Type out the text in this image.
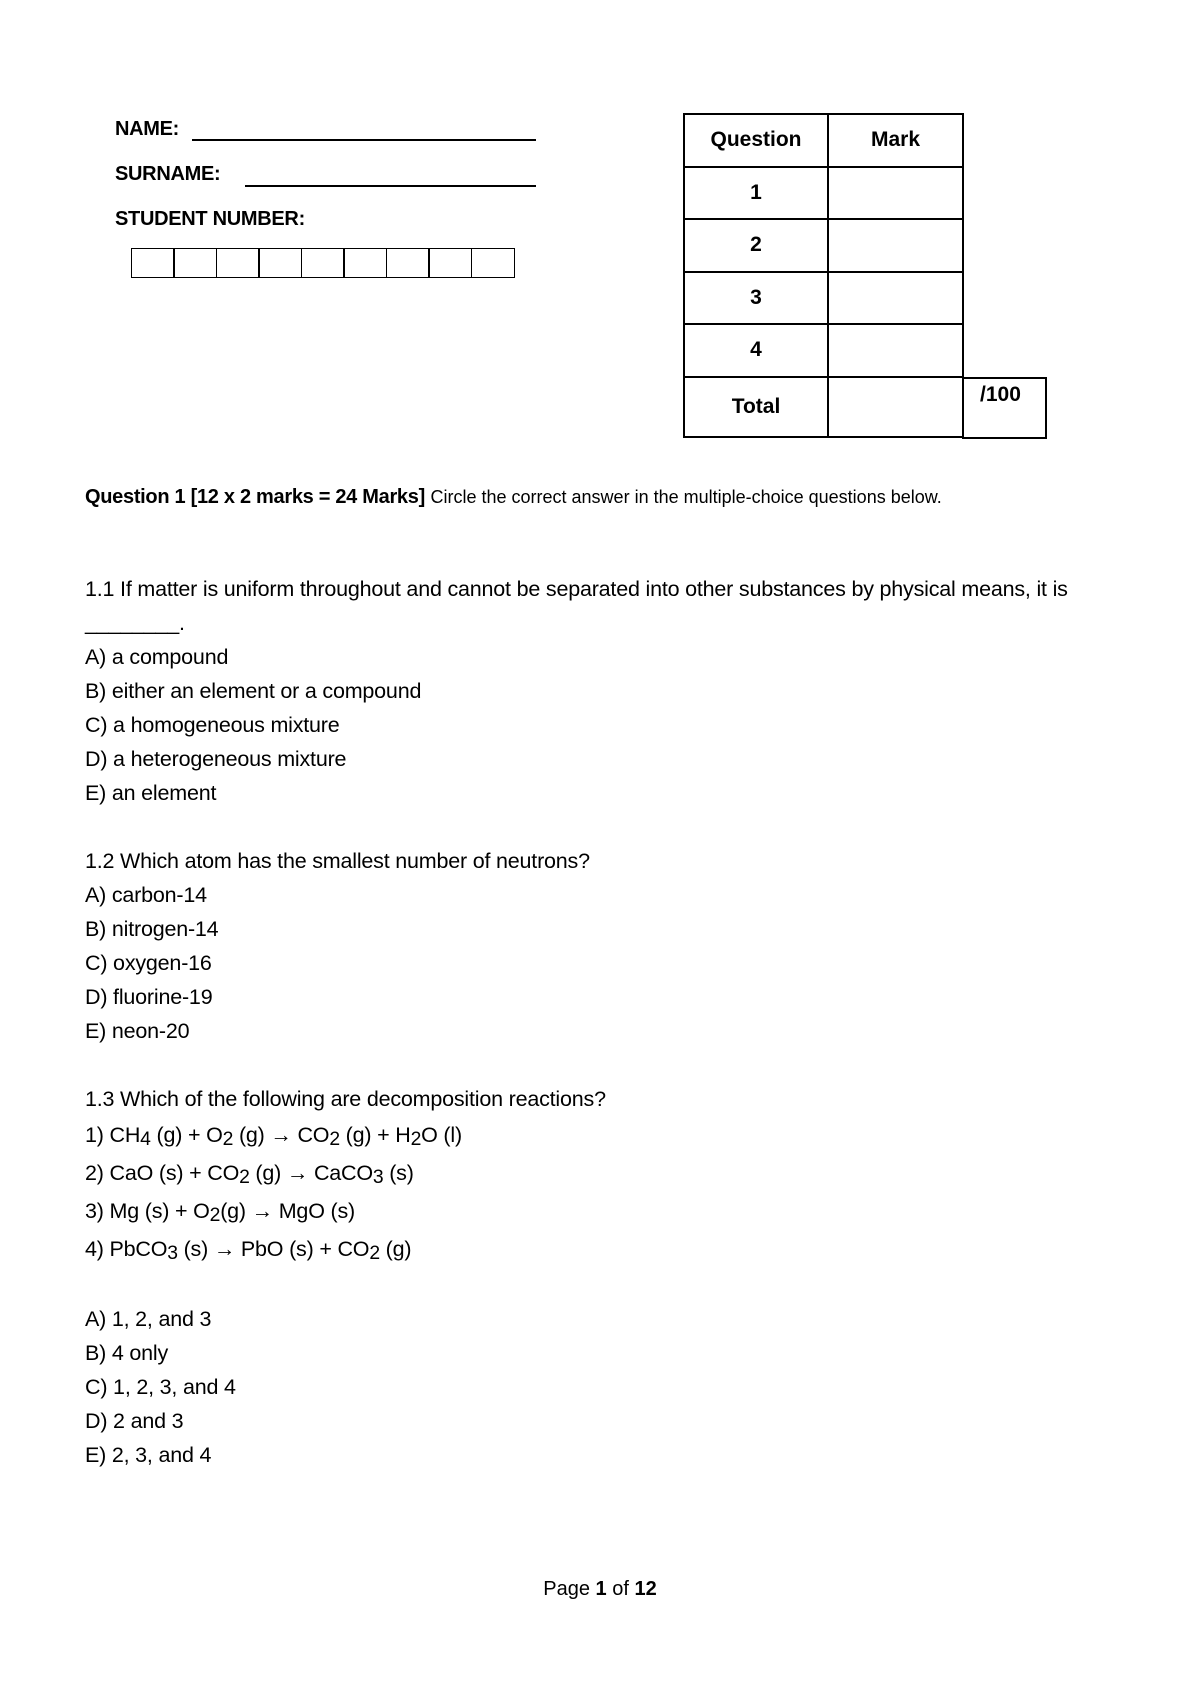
NAME:
SURNAME:
STUDENT NUMBER:
Question	Mark
1	
2	
3	
4	
Total		/100
Question 1 [12 x 2 marks = 24 Marks] Circle the correct answer in the multiple-choice questions below.

1.1 If matter is uniform throughout and cannot be separated into other substances by physical means, it is ________.

A) a compound

B) either an element or a compound

C) a homogeneous mixture

D) a heterogeneous mixture

E) an element

1.2 Which atom has the smallest number of neutrons?

A) carbon-14

B) nitrogen-14

C) oxygen-16

D) fluorine-19

E) neon-20

1.3 Which of the following are decomposition reactions?

1) $CH_4$ $(g) + O_2$ $(g) \to CO_2$ $(g) + H_2O$ (l)

2) CaO $(s) + CO_2$ (g) → CaCO$_3$ (s)

3) Mg $(s) + O_2(g)$ → MgO (s)

4) PbCO$_3$ (s) → PbO $(s) + CO_2$ (g)

A) 1, 2, and 3

B) 4 only

C) 1, 2, 3, and 4

D) 2 and 3

E) 2, 3, and 4

Page 1 of 12
